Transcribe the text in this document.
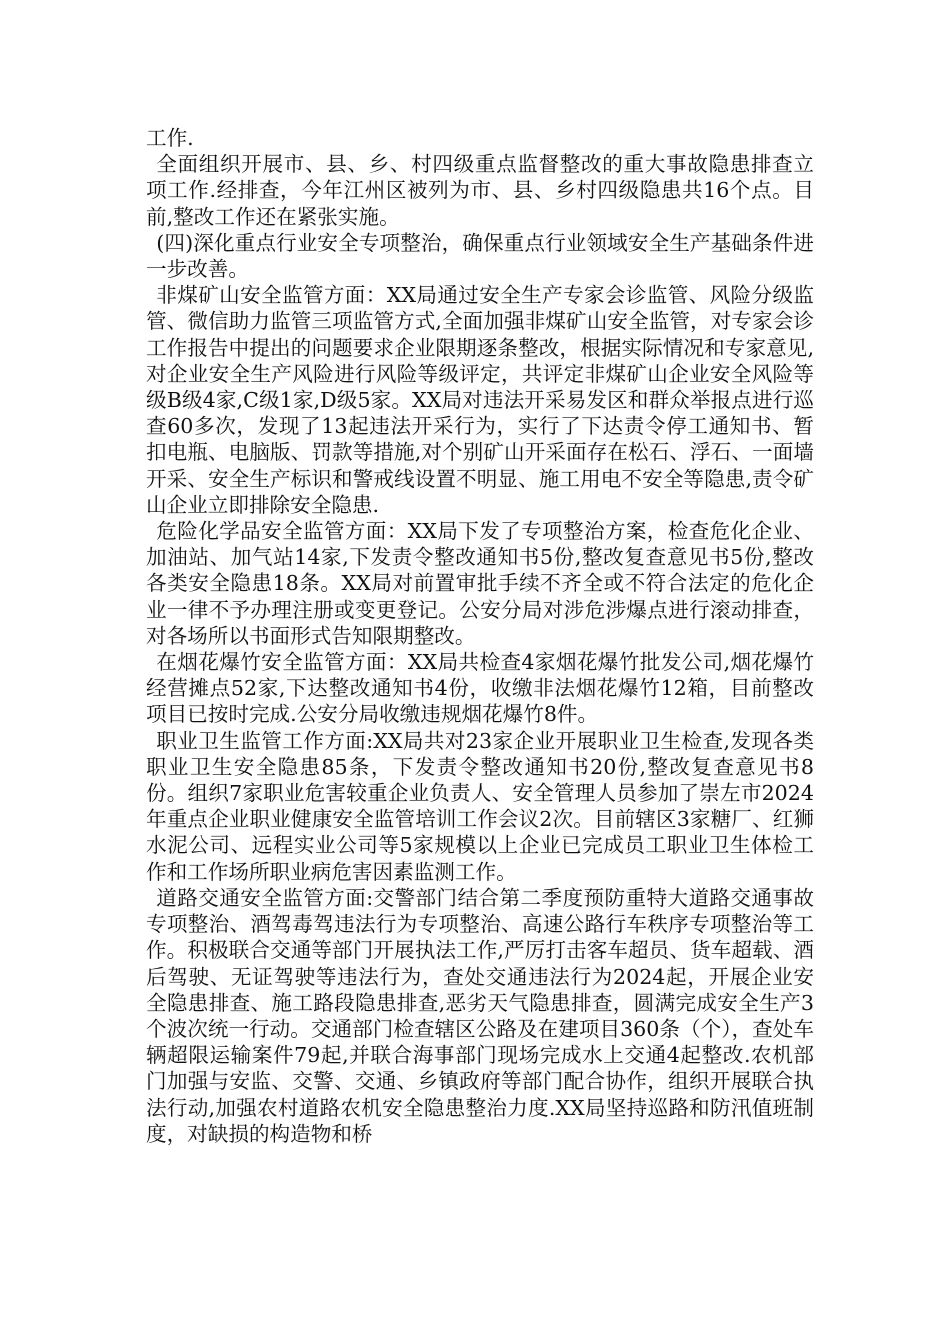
工作.

全面组织开展市、县、乡、村四级重点监督整改的重大事故隐患排查立项工作.经排查，今年江州区被列为市、县、乡村四级隐患共16个点。目前,整改工作还在紧张实施。

(四)深化重点行业安全专项整治，确保重点行业领域安全生产基础条件进一步改善。

非煤矿山安全监管方面：XX局通过安全生产专家会诊监管、风险分级监管、微信助力监管三项监管方式,全面加强非煤矿山安全监管，对专家会诊工作报告中提出的问题要求企业限期逐条整改，根据实际情况和专家意见,对企业安全生产风险进行风险等级评定，共评定非煤矿山企业安全风险等级B级4家,C级1家,D级5家。XX局对违法开采易发区和群众举报点进行巡查60多次，发现了13起违法开采行为，实行了下达责令停工通知书、暂扣电瓶、电脑版、罚款等措施,对个别矿山开采面存在松石、浮石、一面墙开采、安全生产标识和警戒线设置不明显、施工用电不安全等隐患,责令矿山企业立即排除安全隐患.

危险化学品安全监管方面：XX局下发了专项整治方案，检查危化企业、加油站、加气站14家,下发责令整改通知书5份,整改复查意见书5份,整改各类安全隐患18条。XX局对前置审批手续不齐全或不符合法定的危化企业一律不予办理注册或变更登记。公安分局对涉危涉爆点进行滚动排查，对各场所以书面形式告知限期整改。

在烟花爆竹安全监管方面：XX局共检查4家烟花爆竹批发公司,烟花爆竹经营摊点52家,下达整改通知书4份，收缴非法烟花爆竹12箱，目前整改项目已按时完成.公安分局收缴违规烟花爆竹8件。

职业卫生监管工作方面:XX局共对23家企业开展职业卫生检查,发现各类职业卫生安全隐患85条，下发责令整改通知书20份,整改复查意见书8份。组织7家职业危害较重企业负责人、安全管理人员参加了崇左市2024年重点企业职业健康安全监管培训工作会议2次。目前辖区3家糖厂、红狮水泥公司、远程实业公司等5家规模以上企业已完成员工职业卫生体检工作和工作场所职业病危害因素监测工作。

道路交通安全监管方面:交警部门结合第二季度预防重特大道路交通事故专项整治、酒驾毒驾违法行为专项整治、高速公路行车秩序专项整治等工作。积极联合交通等部门开展执法工作,严厉打击客车超员、货车超载、酒后驾驶、无证驾驶等违法行为，查处交通违法行为2024起，开展企业安全隐患排查、施工路段隐患排查,恶劣天气隐患排查，圆满完成安全生产3个波次统一行动。交通部门检查辖区公路及在建项目360条（个），查处车辆超限运输案件79起,并联合海事部门现场完成水上交通4起整改.农机部门加强与安监、交警、交通、乡镇政府等部门配合协作，组织开展联合执法行动,加强农村道路农机安全隐患整治力度.XX局坚持巡路和防汛值班制度，对缺损的构造物和桥
